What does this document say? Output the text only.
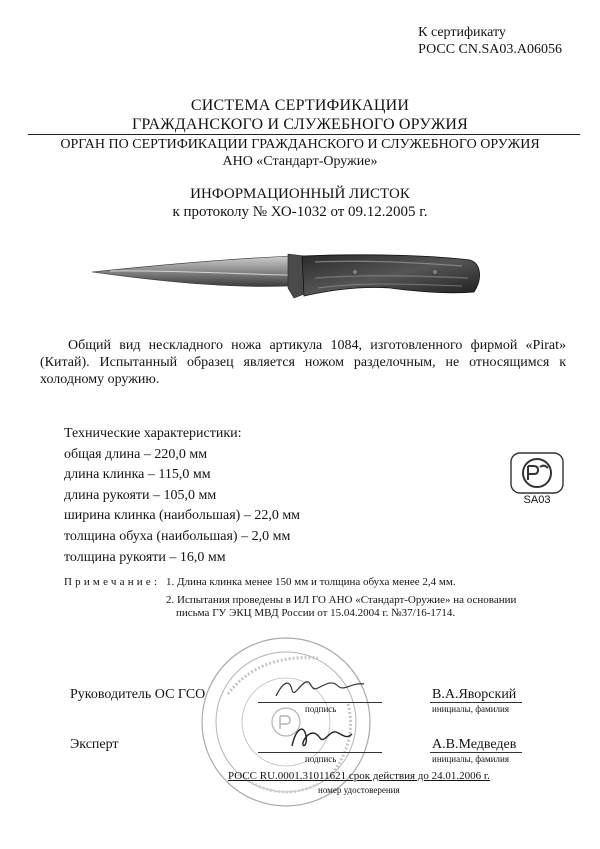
К сертификату
РОСС CN.SA03.А06056
СИСТЕМА СЕРТИФИКАЦИИ
ГРАЖДАНСКОГО И СЛУЖЕБНОГО ОРУЖИЯ
ОРГАН ПО СЕРТИФИКАЦИИ ГРАЖДАНСКОГО И СЛУЖЕБНОГО ОРУЖИЯ
АНО «Стандарт-Оружие»
ИНФОРМАЦИОННЫЙ ЛИСТОК
к протоколу № ХО-1032 от 09.12.2005 г.
Общий вид нескладного ножа артикула 1084, изготовленного фирмой «Pirat» (Китай). Испытанный образец является ножом разделочным, не относящимся к холодному оружию.
Технические характеристики:
общая длина – 220,0 мм
длина клинка – 115,0 мм
длина рукояти – 105,0 мм
ширина клинка (наибольшая) – 22,0 мм
толщина обуха (наибольшая) – 2,0 мм
толщина рукояти – 16,0 мм
SA03
Примечание: 1. Длина клинка менее 150 мм и толщина обуха менее 2,4 мм.
2. Испытания проведены в ИЛ ГО АНО «Стандарт-Оружие» на основании
письма ГУ ЭКЦ МВД России от 15.04.2004 г. №37/16-1714.
Руководитель ОС ГСО
подпись
В.А.Яворский
инициалы, фамилия
Эксперт
подпись
А.В.Медведев
инициалы, фамилия
РОСС RU.0001.31011621 срок действия до 24.01.2006 г.
номер удостоверения
